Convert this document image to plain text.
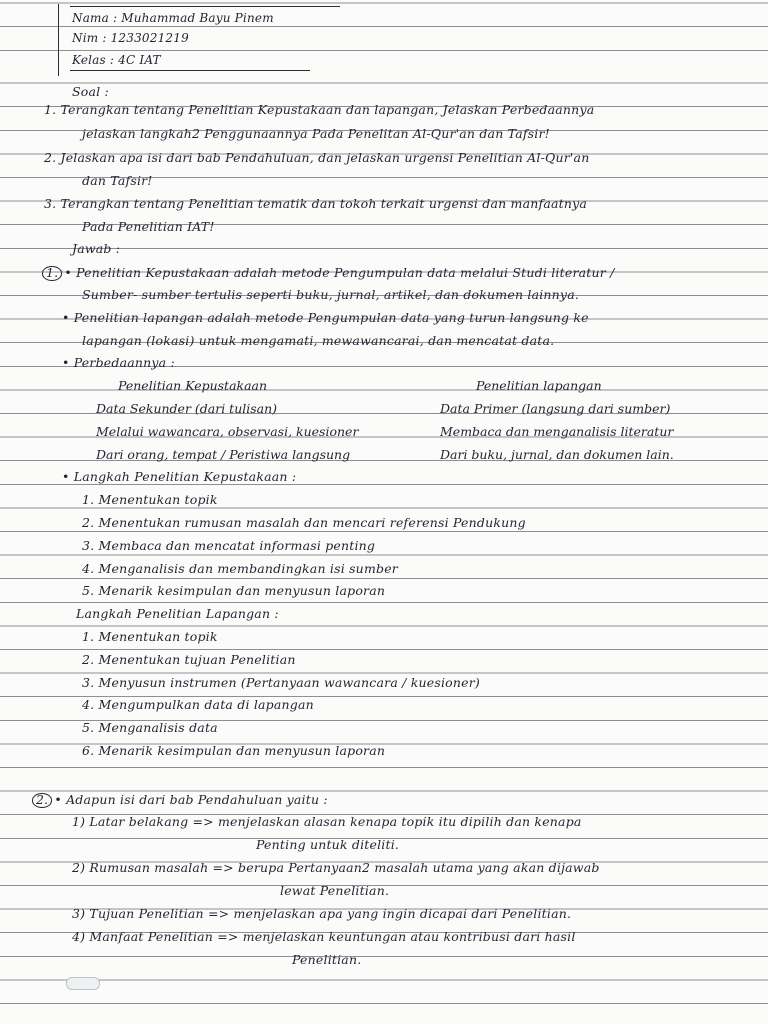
Nama : Muhammad Bayu Pinem
Nim : 1233021219
Kelas : 4C IAT
Soal :
1. Terangkan tentang Penelitian Kepustakaan dan lapangan, Jelaskan Perbedaannya
jelaskan langkah2 Penggunaannya Pada Penelitan Al-Qur'an dan Tafsir!
2. Jelaskan apa isi dari bab Pendahuluan, dan jelaskan urgensi Penelitian Al-Qur'an
dan Tafsir!
3. Terangkan tentang Penelitian tematik dan tokoh terkait urgensi dan manfaatnya
Pada Penelitian IAT!
Jawab :
1. • Penelitian Kepustakaan adalah metode Pengumpulan data melalui Studi literatur /
Sumber- sumber tertulis seperti buku, jurnal, artikel, dan dokumen lainnya.
• Penelitian lapangan adalah metode Pengumpulan data yang turun langsung ke
lapangan (lokasi) untuk mengamati, mewawancarai, dan mencatat data.
• Perbedaannya :
Penelitian Kepustakaan	Penelitian lapangan
Data Sekunder (dari tulisan)	Data Primer (langsung dari sumber)
Melalui wawancara, observasi, kuesioner	Membaca dan menganalisis literatur
Dari orang, tempat / Peristiwa langsung	Dari buku, jurnal, dan dokumen lain.
• Langkah Penelitian Kepustakaan :
1. Menentukan topik
2. Menentukan rumusan masalah dan mencari referensi Pendukung
3. Membaca dan mencatat informasi penting
4. Menganalisis dan membandingkan isi sumber
5. Menarik kesimpulan dan menyusun laporan
Langkah Penelitian Lapangan :
1. Menentukan topik
2. Menentukan tujuan Penelitian
3. Menyusun instrumen (Pertanyaan wawancara / kuesioner)
4. Mengumpulkan data di lapangan
5. Menganalisis data
6. Menarik kesimpulan dan menyusun laporan
2. • Adapun isi dari bab Pendahuluan yaitu :
1) Latar belakang => menjelaskan alasan kenapa topik itu dipilih dan kenapa
Penting untuk diteliti.
2) Rumusan masalah => berupa Pertanyaan2 masalah utama yang akan dijawab
lewat Penelitian.
3) Tujuan Penelitian => menjelaskan apa yang ingin dicapai dari Penelitian.
4) Manfaat Penelitian => menjelaskan keuntungan atau kontribusi dari hasil
Penelitian.
